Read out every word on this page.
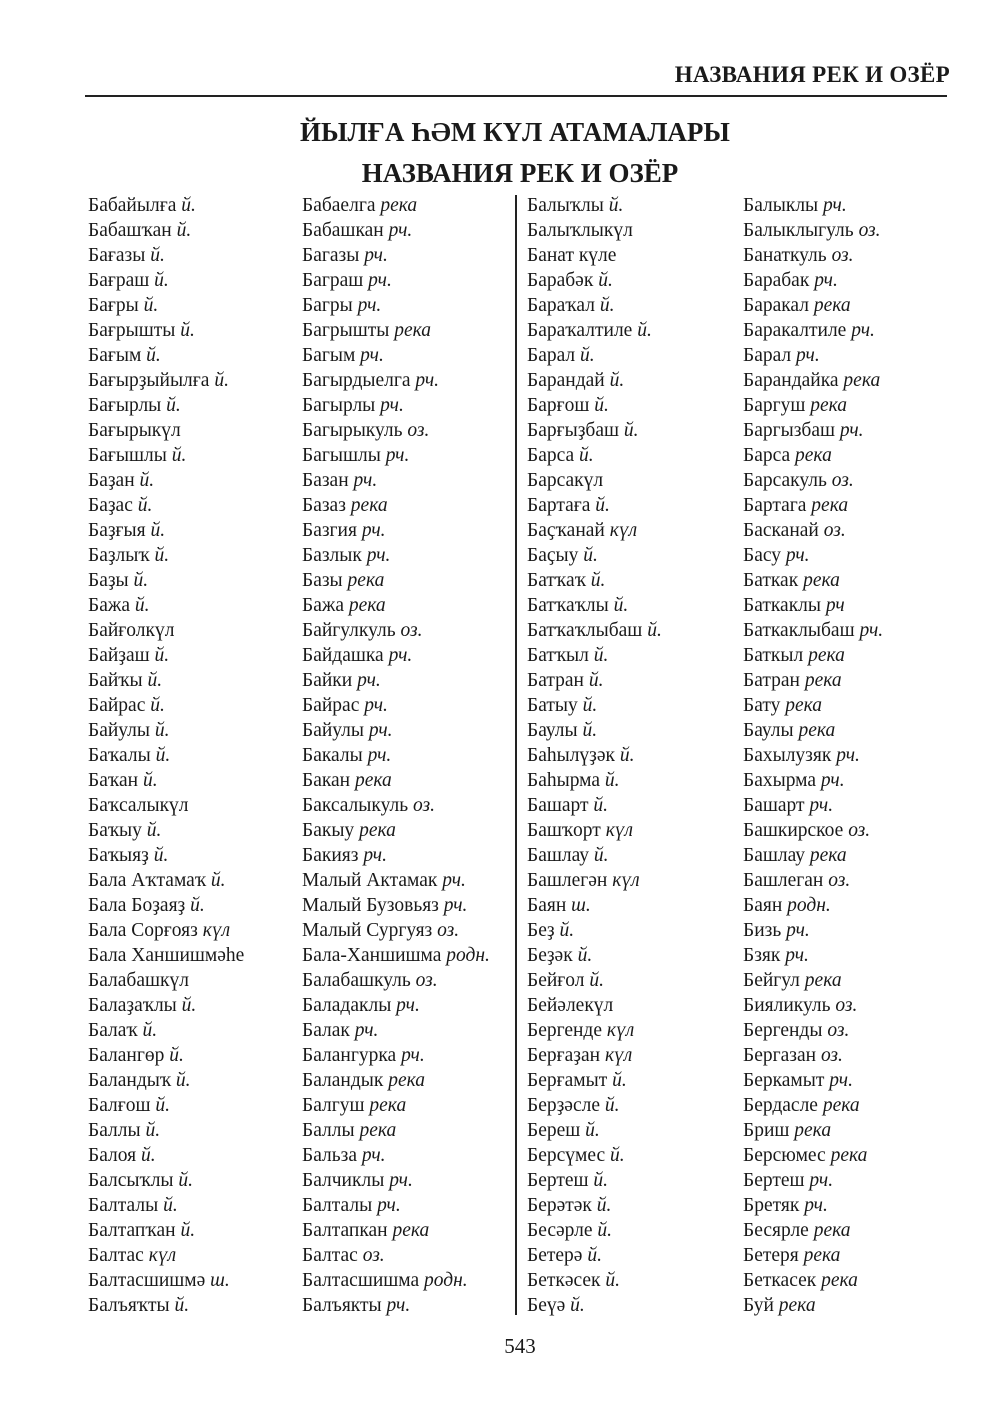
НАЗВАНИЯ РЕК И ОЗЁР
ЙЫЛҒА ҺӘМ КҮЛ АТАМАЛАРЫ
НАЗВАНИЯ РЕК И ОЗЁР
Бабайылға й.
Бабашҡан й.
Бағазы й.
Бағраш й.
Бағры й.
Бағрышты й.
Бағым й.
Бағырҙыйылға й.
Бағырлы й.
Бағырыкүл
Бағышлы й.
Баҙан й.
Баҙас й.
Баҙғыя й.
Баҙлыҡ й.
Баҙы й.
Бажа й.
Байғолкүл
Байҙаш й.
Байҡы й.
Байрас й.
Байулы й.
Баҡалы й.
Баҡан й.
Баҡсалыкүл
Баҡыу й.
Баҡыяҙ й.
Бала Аҡтамаҡ й.
Бала Боҙаяҙ й.
Бала Сорғояз күл
Бала Ханшишмәһе
Балабашкүл
Балаҙаҡлы й.
Балаҡ й.
Балангөр й.
Баландыҡ й.
Балғош й.
Баллы й.
Балоя й.
Балсыҡлы й.
Балталы й.
Балтапҡан й.
Балтас күл
Балтасшишмә ш.
Балъяҡты й.
Бабаелга река
Бабашкан рч.
Багазы рч.
Баграш рч.
Багры рч.
Багрышты река
Багым рч.
Багырдыелга рч.
Багырлы рч.
Багырыкуль оз.
Багышлы рч.
Базан рч.
Базаз река
Базгия рч.
Базлык рч.
Базы река
Бажа река
Байгулкуль оз.
Байдашка рч.
Байки рч.
Байрас рч.
Байулы рч.
Бакалы рч.
Бакан река
Баксалыкуль оз.
Бакыу река
Бакияз рч.
Малый Актамак рч.
Малый Бузовьяз рч.
Малый Сургуяз оз.
Бала-Ханшишма родн.
Балабашкуль оз.
Баладаклы рч.
Балак рч.
Балангурка рч.
Баландык река
Балгуш река
Баллы река
Бальза рч.
Балчиклы рч.
Балталы рч.
Балтапкан река
Балтас оз.
Балтасшишма родн.
Балъякты рч.
Балыҡлы й.
Балыҡлыкүл
Банат күле
Барабәк й.
Бараҡал й.
Бараҡалтиле й.
Барал й.
Барандай й.
Барғош й.
Барғыҙбаш й.
Барса й.
Барсакүл
Бартаға й.
Баҫҡанай күл
Баҫыу й.
Батҡаҡ й.
Батҡаҡлы й.
Батҡаҡлыбаш й.
Батҡыл й.
Батран й.
Батыу й.
Баулы й.
Баһылүҙәк й.
Баһырма й.
Башарт й.
Башҡорт күл
Башлау й.
Башлегән күл
Баян ш.
Беҙ й.
Беҙәк й.
Бейғол й.
Бейәлекүл
Бергенде күл
Берғаҙан күл
Берғамыт й.
Берҙәсле й.
Береш й.
Берсүмес й.
Бертеш й.
Берәтәк й.
Бесәрле й.
Бетерә й.
Беткәсек й.
Беүә й.
Балыклы рч.
Балыклыгуль оз.
Банаткуль оз.
Барабак рч.
Баракал река
Баракалтиле рч.
Барал рч.
Барандайка река
Баргуш река
Баргызбаш рч.
Барса река
Барсакуль оз.
Бартага река
Басканай оз.
Басу рч.
Баткак река
Баткаклы рч
Баткаклыбаш рч.
Баткыл река
Батран река
Бату река
Баулы река
Бахылузяк рч.
Бахырма рч.
Башарт рч.
Башкирское оз.
Башлау река
Башлеган оз.
Баян родн.
Бизь рч.
Бзяк рч.
Бейгул река
Бияликуль оз.
Бергенды оз.
Бергазан оз.
Беркамыт рч.
Бердасле река
Бриш река
Берсюмес река
Бертеш рч.
Бретяк рч.
Бесярле река
Бетеря река
Беткасек река
Буй река
543
